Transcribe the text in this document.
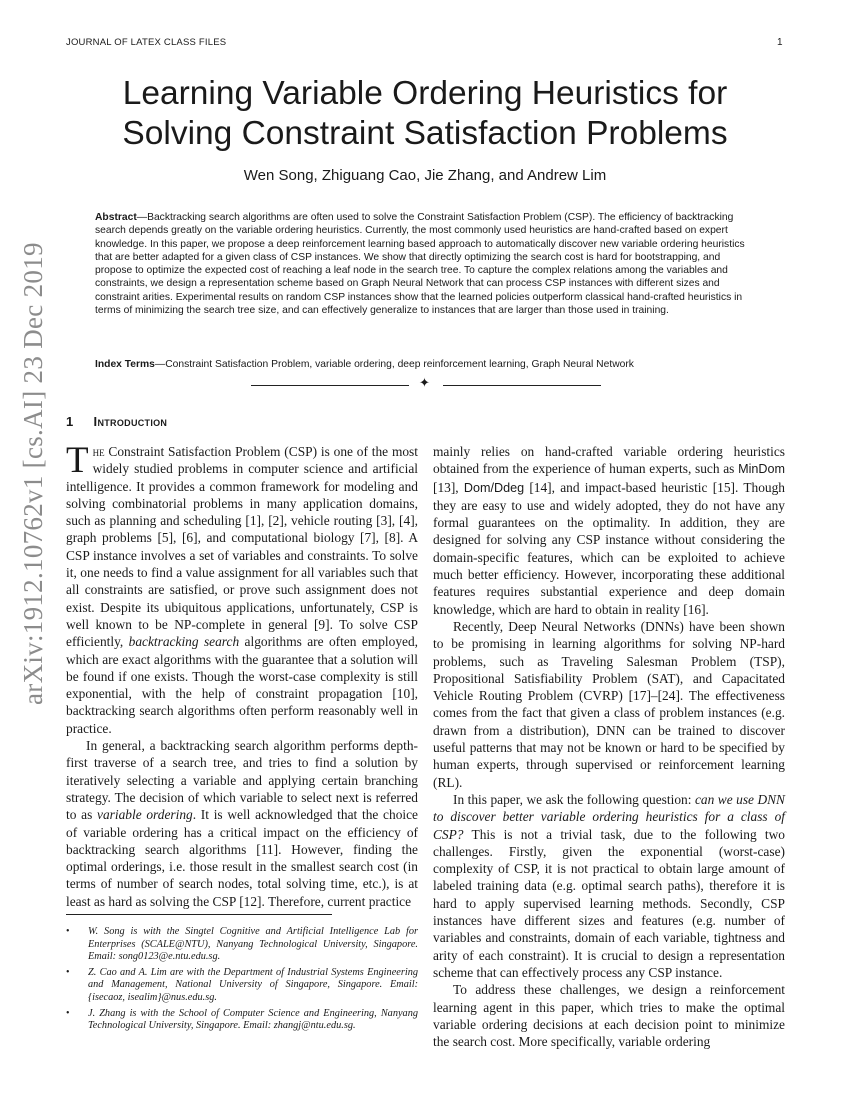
JOURNAL OF LATEX CLASS FILES	1
arXiv:1912.10762v1 [cs.AI] 23 Dec 2019
Learning Variable Ordering Heuristics for Solving Constraint Satisfaction Problems
Wen Song, Zhiguang Cao, Jie Zhang, and Andrew Lim

Abstract—Backtracking search algorithms are often used to solve the Constraint Satisfaction Problem (CSP). The efficiency of backtracking search depends greatly on the variable ordering heuristics. Currently, the most commonly used heuristics are hand-crafted based on expert knowledge. In this paper, we propose a deep reinforcement learning based approach to automatically discover new variable ordering heuristics that are better adapted for a given class of CSP instances. We show that directly optimizing the search cost is hard for bootstrapping, and propose to optimize the expected cost of reaching a leaf node in the search tree. To capture the complex relations among the variables and constraints, we design a representation scheme based on Graph Neural Network that can process CSP instances with different sizes and constraint arities. Experimental results on random CSP instances show that the learned policies outperform classical hand-crafted heuristics in terms of minimizing the search tree size, and can effectively generalize to instances that are larger than those used in training.

Index Terms—Constraint Satisfaction Problem, variable ordering, deep reinforcement learning, Graph Neural Network

✦
1 Introduction

The Constraint Satisfaction Problem (CSP) is one of the most widely studied problems in computer science and artificial intelligence. It provides a common framework for modeling and solving combinatorial problems in many application domains, such as planning and scheduling [1], [2], vehicle routing [3], [4], graph problems [5], [6], and computational biology [7], [8]. A CSP instance involves a set of variables and constraints. To solve it, one needs to find a value assignment for all variables such that all constraints are satisfied, or prove such assignment does not exist. Despite its ubiquitous applications, unfortunately, CSP is well known to be NP-complete in general [9]. To solve CSP efficiently, backtracking search algorithms are often employed, which are exact algorithms with the guarantee that a solution will be found if one exists. Though the worst-case complexity is still exponential, with the help of constraint propagation [10], backtracking search algorithms often perform reasonably well in practice.

In general, a backtracking search algorithm performs depth-first traverse of a search tree, and tries to find a solution by iteratively selecting a variable and applying certain branching strategy. The decision of which variable to select next is referred to as variable ordering. It is well acknowledged that the choice of variable ordering has a critical impact on the efficiency of backtracking search algorithms [11]. However, finding the optimal orderings, i.e. those result in the smallest search cost (in terms of number of search nodes, total solving time, etc.), is at least as hard as solving the CSP [12]. Therefore, current practice

• W. Song is with the Singtel Cognitive and Artificial Intelligence Lab for Enterprises (SCALE@NTU), Nanyang Technological University, Singapore. Email: song0123@e.ntu.edu.sg.
• Z. Cao and A. Lim are with the Department of Industrial Systems Engineering and Management, National University of Singapore, Singapore. Email: {isecaoz, isealim}@nus.edu.sg.
• J. Zhang is with the School of Computer Science and Engineering, Nanyang Technological University, Singapore. Email: zhangj@ntu.edu.sg.

mainly relies on hand-crafted variable ordering heuristics obtained from the experience of human experts, such as MinDom [13], Dom/Ddeg [14], and impact-based heuristic [15]. Though they are easy to use and widely adopted, they do not have any formal guarantees on the optimality. In addition, they are designed for solving any CSP instance without considering the domain-specific features, which can be exploited to achieve much better efficiency. However, incorporating these additional features requires substantial experience and deep domain knowledge, which are hard to obtain in reality [16].

Recently, Deep Neural Networks (DNNs) have been shown to be promising in learning algorithms for solving NP-hard problems, such as Traveling Salesman Problem (TSP), Propositional Satisfiability Problem (SAT), and Capacitated Vehicle Routing Problem (CVRP) [17]–[24]. The effectiveness comes from the fact that given a class of problem instances (e.g. drawn from a distribution), DNN can be trained to discover useful patterns that may not be known or hard to be specified by human experts, through supervised or reinforcement learning (RL).

In this paper, we ask the following question: can we use DNN to discover better variable ordering heuristics for a class of CSP? This is not a trivial task, due to the following two challenges. Firstly, given the exponential (worst-case) complexity of CSP, it is not practical to obtain large amount of labeled training data (e.g. optimal search paths), therefore it is hard to apply supervised learning methods. Secondly, CSP instances have different sizes and features (e.g. number of variables and constraints, domain of each variable, tightness and arity of each constraint). It is crucial to design a representation scheme that can effectively process any CSP instance.

To address these challenges, we design a reinforcement learning agent in this paper, which tries to make the optimal variable ordering decisions at each decision point to minimize the search cost. More specifically, variable ordering
